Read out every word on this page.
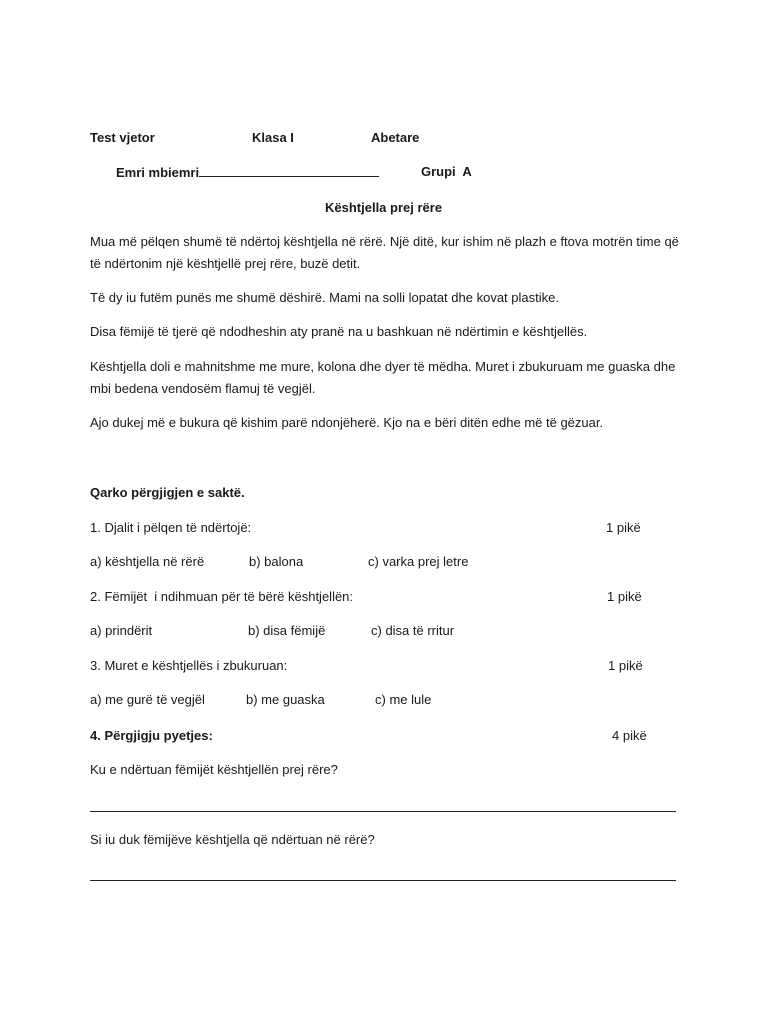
Test vjetor	Klasa I	Abetare
Emri mbiemri	Grupi  A
Kështjella prej rëre
Mua më pëlqen shumë të ndërtoj kështjella në rërë. Një ditë, kur ishim në plazh e ftova motrën time që të ndërtonim një kështjellë prej rëre, buzë detit.
Të dy iu futëm punës me shumë dëshirë. Mami na solli lopatat dhe kovat plastike.
Disa fëmijë të tjerë që ndodheshin aty pranë na u bashkuan në ndërtimin e kështjellës.
Kështjella doli e mahnitshme me mure, kolona dhe dyer të mëdha. Muret i zbukuruam me guaska dhe mbi bedena vendosëm flamuj të vegjël.
Ajo dukej më e bukura që kishim parë ndonjëherë. Kjo na e bëri ditën edhe më të gëzuar.
Qarko përgjigjen e saktë.
1. Djalit i pëlqen të ndërtojë:	1 pikë
a) kështjella në rërë	b) balona	c) varka prej letre
2. Fëmijët  i ndihmuan për të bërë kështjellën:	1 pikë
a) prindërit	b) disa fëmijë	c) disa të rritur
3. Muret e kështjellës i zbukuruan:	1 pikë
a) me gurë të vegjël	b) me guaska	c) me lule
4. Përgjigju pyetjes:	4 pikë
Ku e ndërtuan fëmijët kështjellën prej rëre?
Si iu duk fëmijëve kështjella që ndërtuan në rërë?
